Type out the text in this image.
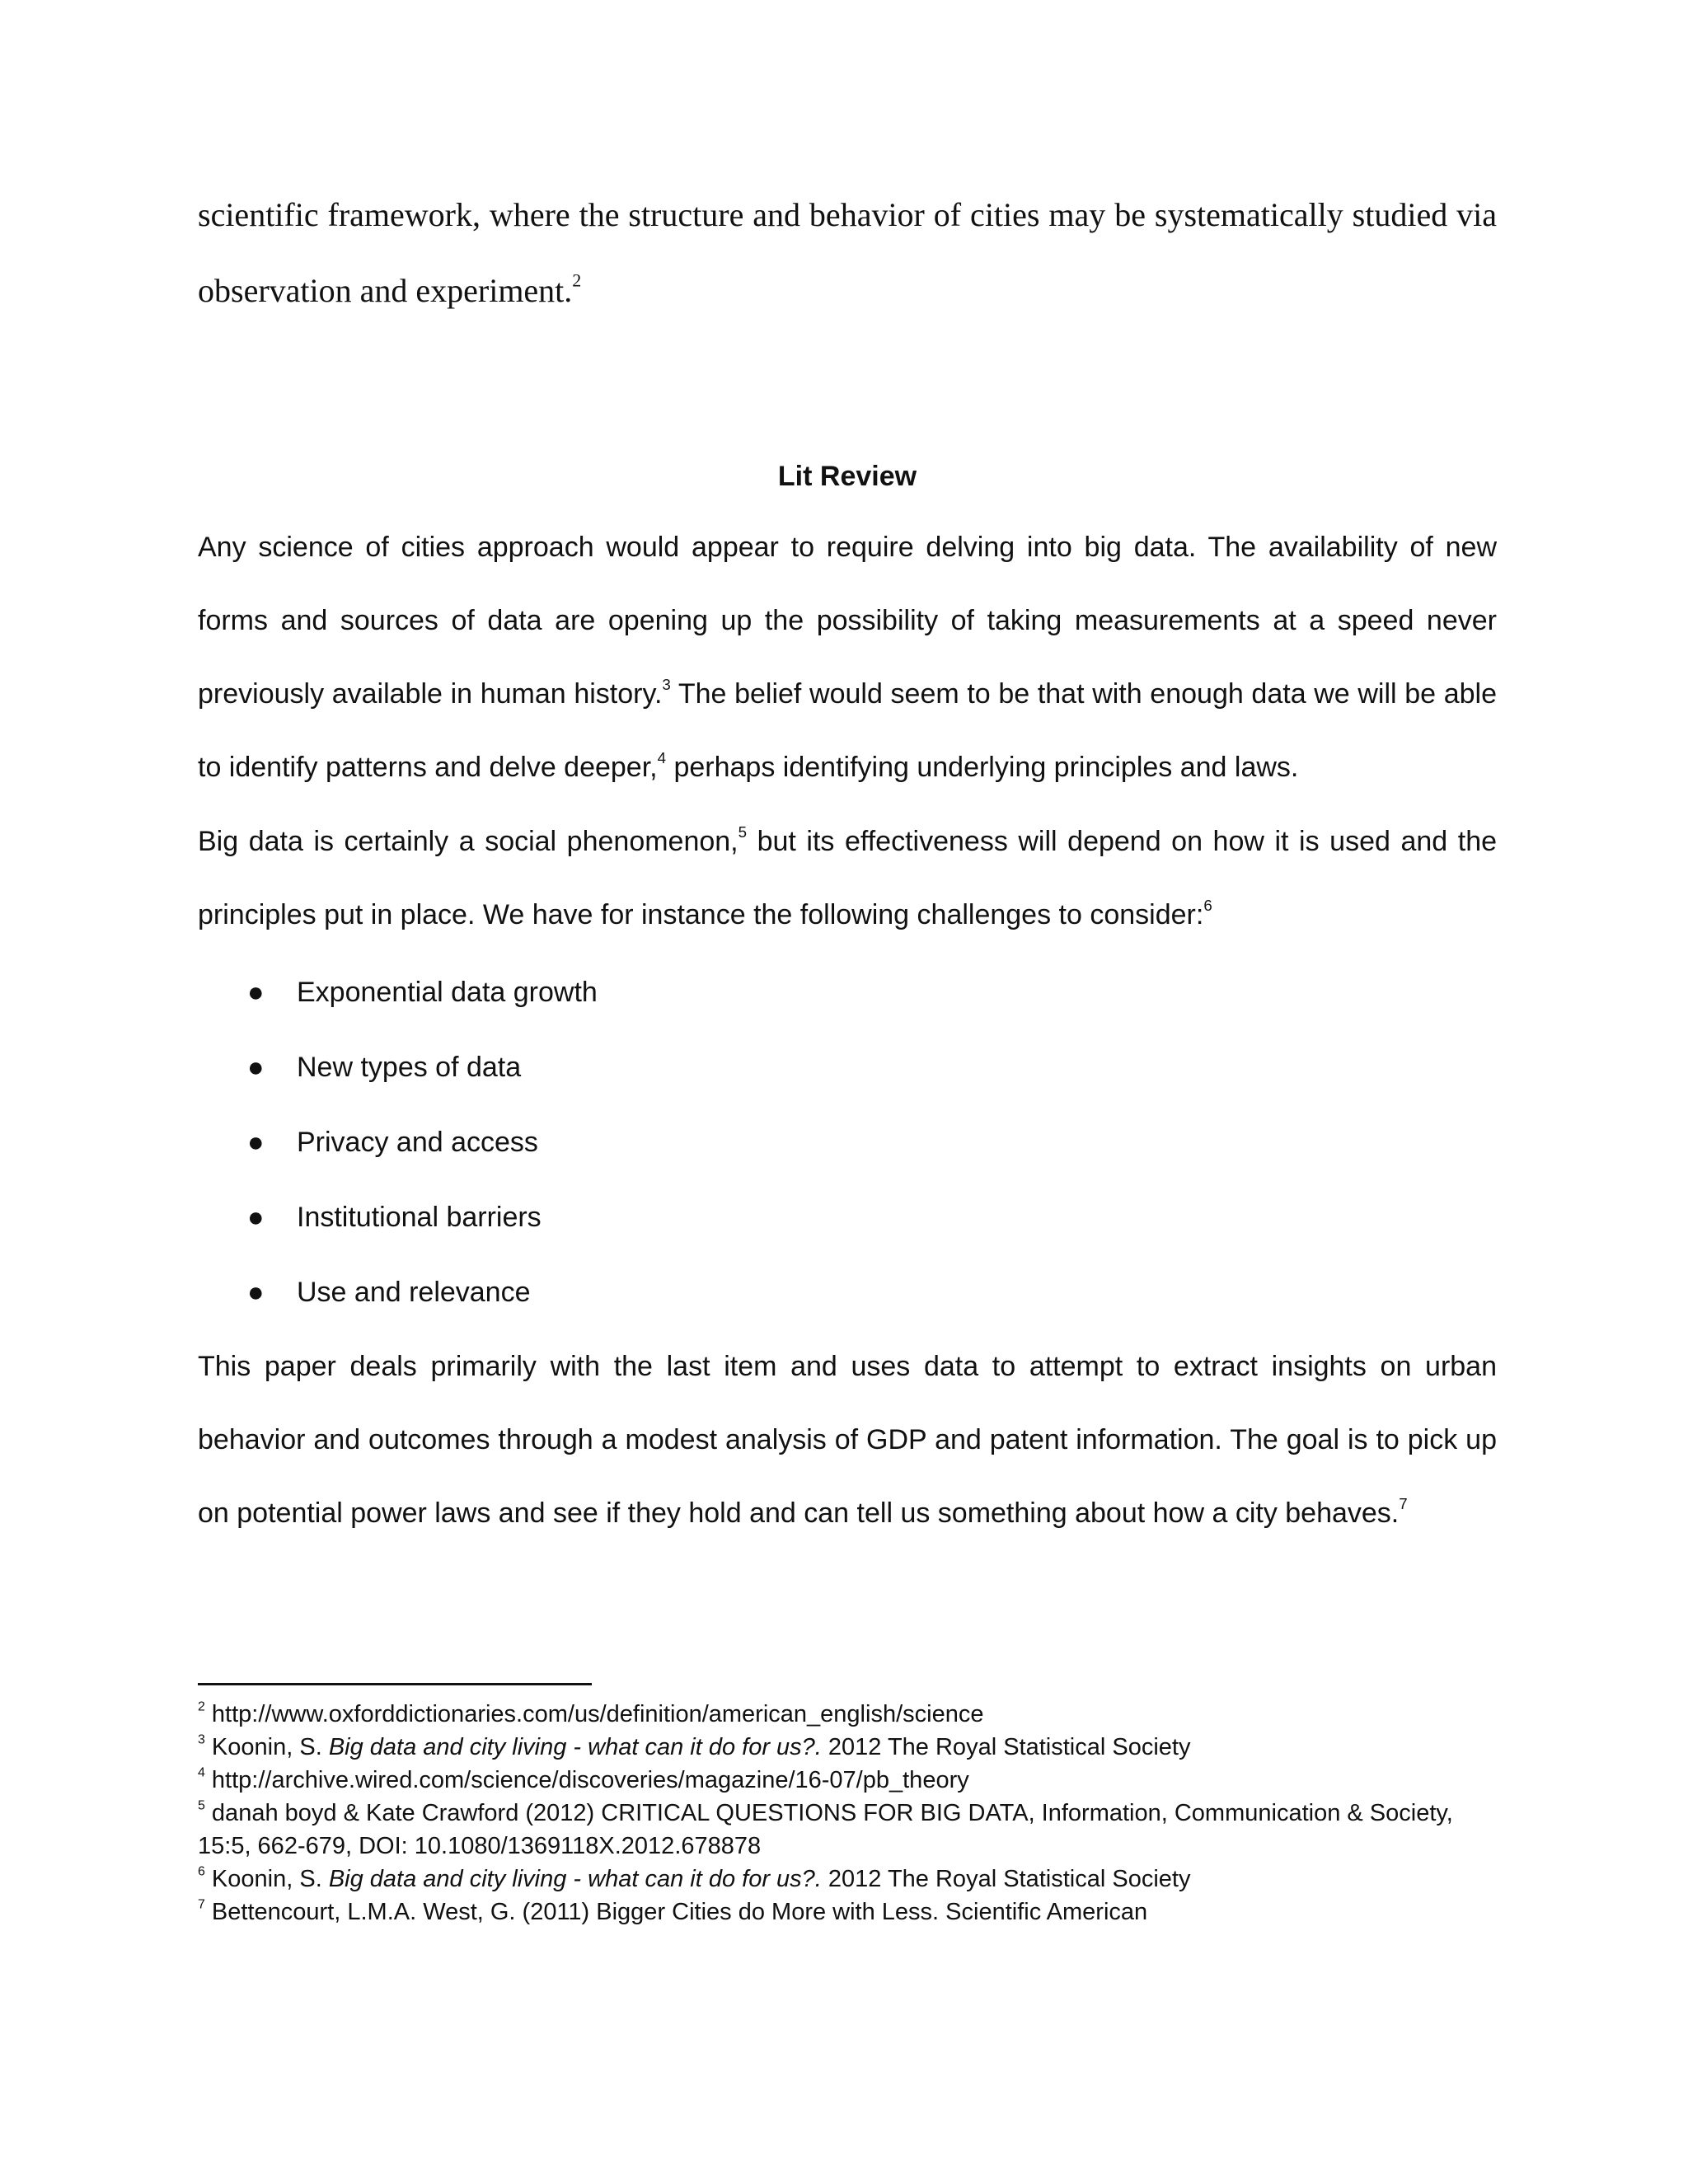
scientific framework, where the structure and behavior of cities may be systematically studied via observation and experiment.$^2$
Lit Review

Any science of cities approach would appear to require delving into big data. The availability of new forms and sources of data are opening up the possibility of taking measurements at a speed never previously available in human history.$^3$ The belief would seem to be that with enough data we will be able to identify patterns and delve deeper,$^4$ perhaps identifying underlying principles and laws.

Big data is certainly a social phenomenon,$^5$ but its effectiveness will depend on how it is used and the principles put in place. We have for instance the following challenges to consider:$^6$

● Exponential data growth
● New types of data
● Privacy and access
● Institutional barriers
● Use and relevance

This paper deals primarily with the last item and uses data to attempt to extract insights on urban behavior and outcomes through a modest analysis of GDP and patent information. The goal is to pick up on potential power laws and see if they hold and can tell us something about how a city behaves.$^7$

$^2$ http://www.oxforddictionaries.com/us/definition/american_english/science

$^3$ Koonin, S. Big data and city living - what can it do for us?. 2012 The Royal Statistical Society

$^4$ http://archive.wired.com/science/discoveries/magazine/16-07/pb_theory

$^5$ danah boyd & Kate Crawford (2012) CRITICAL QUESTIONS FOR BIG DATA, Information, Communication & Society, 15:5, 662-679, DOI: 10.1080/1369118X.2012.678878

$^6$ Koonin, S. Big data and city living - what can it do for us?. 2012 The Royal Statistical Society

$^7$ Bettencourt, L.M.A. West, G. (2011) Bigger Cities do More with Less. Scientific American
